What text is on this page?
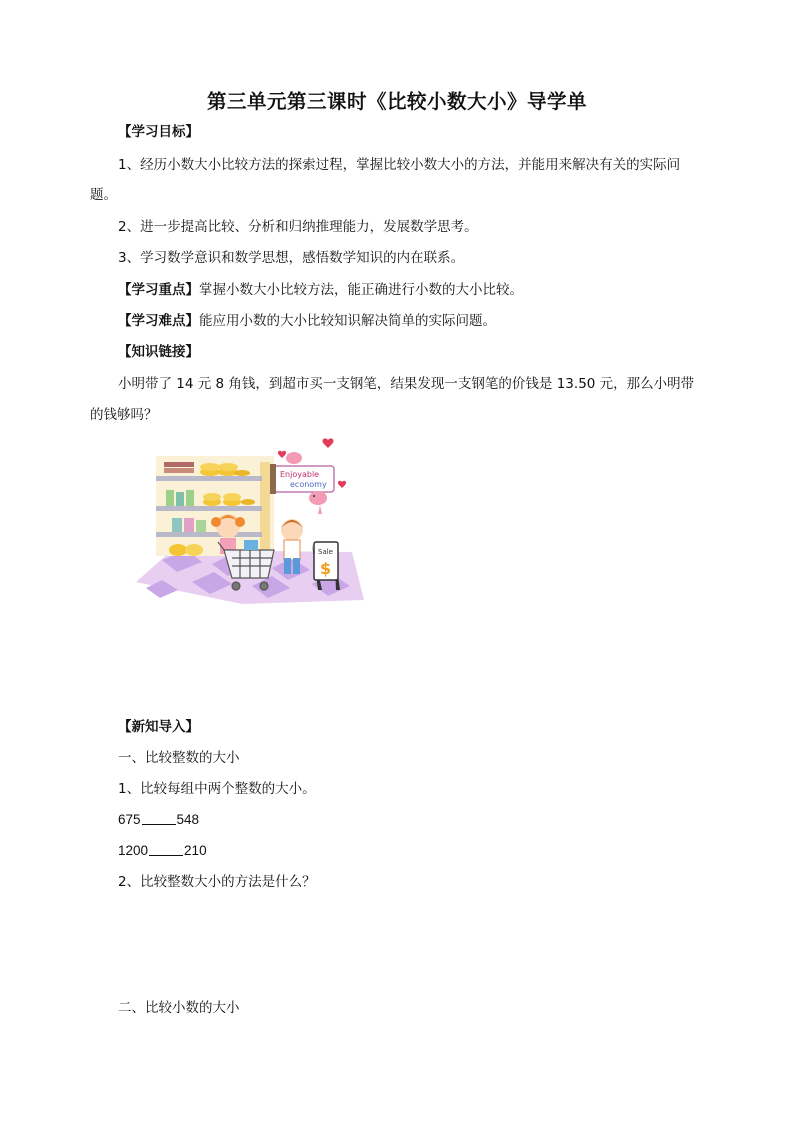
第三单元第三课时《比较小数大小》导学单
【学习目标】
1、经历小数大小比较方法的探索过程，掌握比较小数大小的方法，并能用来解决有关的实际问
题。
2、进一步提高比较、分析和归纳推理能力，发展数学思考。
3、学习数学意识和数学思想，感悟数学知识的内在联系。
【学习重点】掌握小数大小比较方法，能正确进行小数的大小比较。
【学习难点】能应用小数的大小比较知识解决简单的实际问题。
【知识链接】
小明带了 14 元 8 角钱，到超市买一支钢笔，结果发现一支钢笔的价钱是 13.50 元，那么小明带
的钱够吗？
Enjoyable
economy
Sale
$
【新知导入】
一、比较整数的大小
1、比较每组中两个整数的大小。
675	548
1200	210
2、比较整数大小的方法是什么？
二、比较小数的大小
